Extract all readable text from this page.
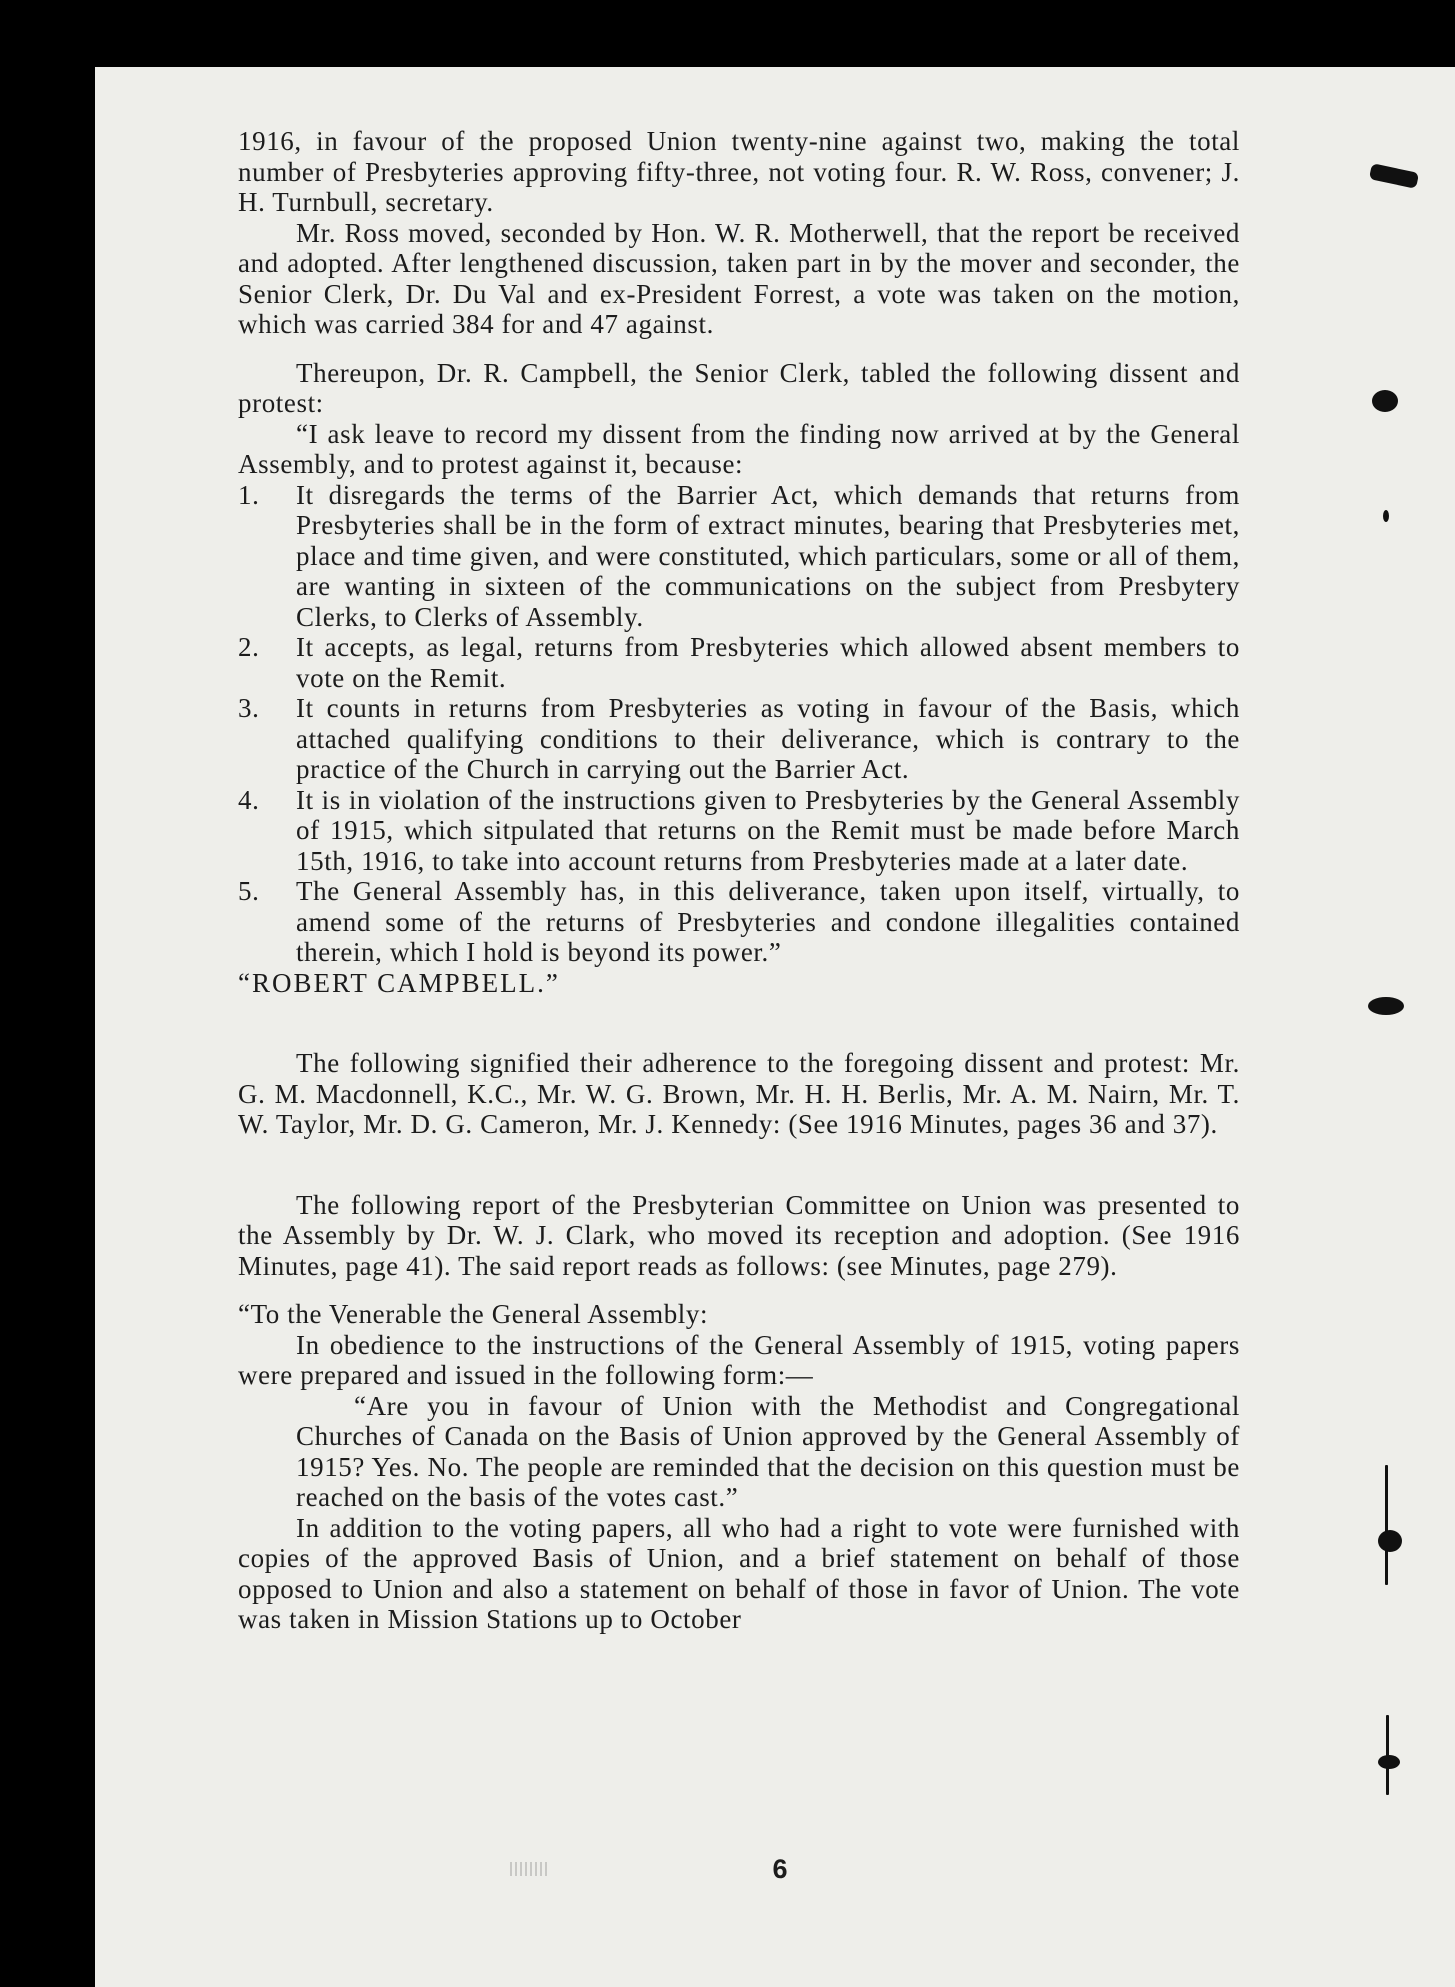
6

1916, in favour of the proposed Union twenty-nine against two, making the total number of Presbyteries approving fifty-three, not voting four. R. W. Ross, convener; J. H. Turnbull, secretary.

Mr. Ross moved, seconded by Hon. W. R. Motherwell, that the report be received and adopted. After lengthened discussion, taken part in by the mover and seconder, the Senior Clerk, Dr. Du Val and ex-President Forrest, a vote was taken on the motion, which was carried 384 for and 47 against.

Thereupon, Dr. R. Campbell, the Senior Clerk, tabled the following dissent and protest:

“I ask leave to record my dissent from the finding now arrived at by the General Assembly, and to protest against it, because:

1.	It disregards the terms of the Barrier Act, which demands that returns from Presbyteries shall be in the form of extract minutes, bearing that Presbyteries met, place and time given, and were constituted, which particulars, some or all of them, are wanting in sixteen of the communications on the subject from Presbytery Clerks, to Clerks of Assembly.
2.	It accepts, as legal, returns from Presbyteries which allowed absent members to vote on the Remit.
3.	It counts in returns from Presbyteries as voting in favour of the Basis, which attached qualifying conditions to their deliverance, which is contrary to the practice of the Church in carrying out the Barrier Act.
4.	It is in violation of the instructions given to Presbyteries by the General Assembly of 1915, which sitpulated that returns on the Remit must be made before March 15th, 1916, to take into account returns from Presbyteries made at a later date.
5.	The General Assembly has, in this deliverance, taken upon itself, virtually, to amend some of the returns of Presbyteries and condone illegalities contained therein, which I hold is beyond its power.”

“ROBERT CAMPBELL.”

The following signified their adherence to the foregoing dissent and protest: Mr. G. M. Macdonnell, K.C., Mr. W. G. Brown, Mr. H. H. Berlis, Mr. A. M. Nairn, Mr. T. W. Taylor, Mr. D. G. Cameron, Mr. J. Kennedy: (See 1916 Minutes, pages 36 and 37).

The following report of the Presbyterian Committee on Union was presented to the Assembly by Dr. W. J. Clark, who moved its reception and adoption. (See 1916 Minutes, page 41). The said report reads as follows: (see Minutes, page 279).

“To the Venerable the General Assembly:

In obedience to the instructions of the General Assembly of 1915, voting papers were prepared and issued in the following form:—

“Are you in favour of Union with the Methodist and Congregational Churches of Canada on the Basis of Union approved by the General Assembly of 1915? Yes. No. The people are reminded that the decision on this question must be reached on the basis of the votes cast.”

In addition to the voting papers, all who had a right to vote were furnished with copies of the approved Basis of Union, and a brief statement on behalf of those opposed to Union and also a statement on behalf of those in favor of Union. The vote was taken in Mission Stations up to October
